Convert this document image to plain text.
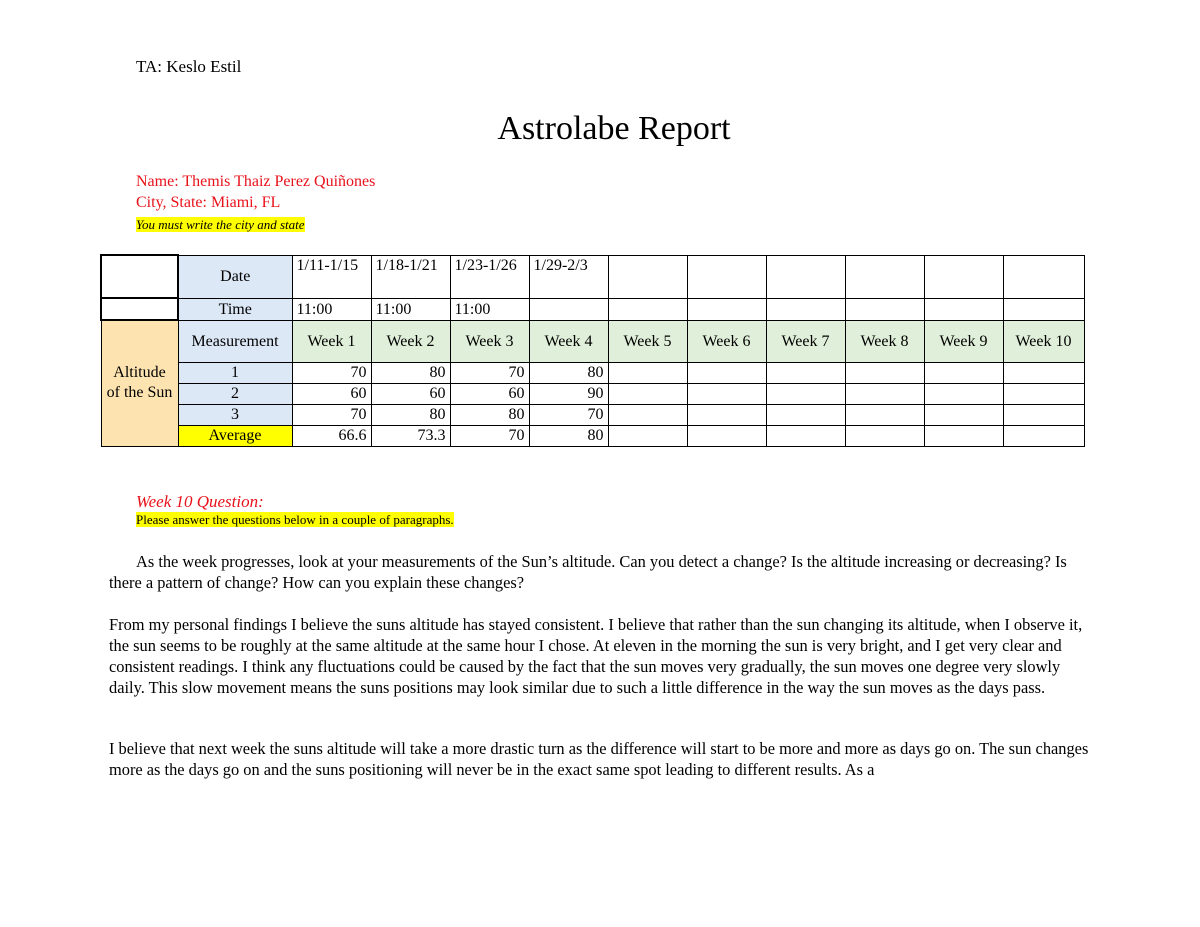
TA: Keslo Estil
Astrolabe Report
Name: Themis Thaiz Perez Quiñones
City, State: Miami, FL
You must write the city and state
	Date	1/11-1/15	1/18-1/21	1/23-1/26	1/29-2/3						
	Time	11:00	11:00	11:00							
Altitude of the Sun	Measurement	Week 1	Week 2	Week 3	Week 4	Week 5	Week 6	Week 7	Week 8	Week 9	Week 10
	1	70	80	70	80						
	2	60	60	60	90						
	3	70	80	80	70						
	Average	66.6	73.3	70	80						
Week 10 Question:
Please answer the questions below in a couple of paragraphs.
As the week progresses, look at your measurements of the Sun’s altitude. Can you detect a change? Is the altitude increasing or decreasing? Is there a pattern of change? How can you explain these changes?
From my personal findings I believe the suns altitude has stayed consistent. I believe that rather than the sun changing its altitude, when I observe it, the sun seems to be roughly at the same altitude at the same hour I chose. At eleven in the morning the sun is very bright, and I get very clear and consistent readings. I think any fluctuations could be caused by the fact that the sun moves very gradually, the sun moves one degree very slowly daily. This slow movement means the suns positions may look similar due to such a little difference in the way the sun moves as the days pass.
I believe that next week the suns altitude will take a more drastic turn as the difference will start to be more and more as days go on. The sun changes more as the days go on and the suns positioning will never be in the exact same spot leading to different results. As a
